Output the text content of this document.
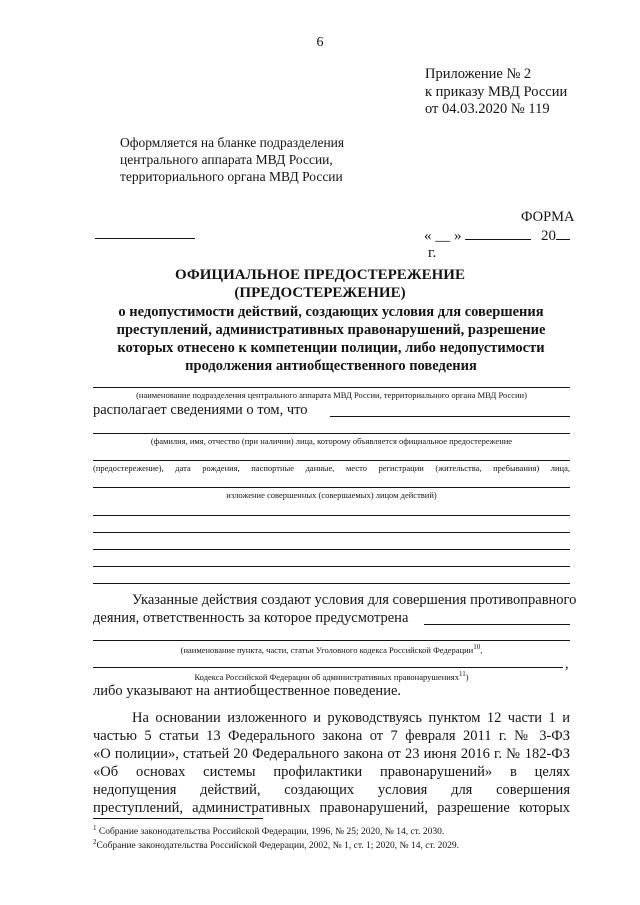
6
Приложение № 2
к приказу МВД России
от 04.03.2020 № 119
Оформляется на бланке подразделения
центрального аппарата МВД России,
территориального органа МВД России
ФОРМА
« __ »	20 г.
ОФИЦИАЛЬНОЕ ПРЕДОСТЕРЕЖЕНИЕ
(ПРЕДОСТЕРЕЖЕНИЕ)
о недопустимости действий, создающих условия для совершения
преступлений, административных правонарушений, разрешение
которых отнесено к компетенции полиции, либо недопустимости
продолжения антиобщественного поведения
(наименование подразделения центрального аппарата МВД России, территориального органа МВД России)
располагает сведениями о том, что
(фамилия, имя, отчество (при наличии) лица, которому объявляется официальное предостережение
(предостережение), дата рождения, паспортные данные, место регистрации (жительства, пребывания) лица,
изложение совершенных (совершаемых) лицом действий)
Указанные действия создают условия для совершения противоправного
деяния, ответственность за которое предусмотрена
(наименование пункта, части, статьи Уголовного кодекса Российской Федерации$^{10}$,
,
Кодекса Российской Федерации об административных правонарушениях$^{11}$)
либо указывают на антиобщественное поведение.
На основании изложенного и руководствуясь пунктом 12 части 1 и
частью 5 статьи 13 Федерального закона от 7 февраля 2011 г. № 3-ФЗ
«О полиции», статьей 20 Федерального закона от 23 июня 2016 г. № 182-ФЗ
«Об основах системы профилактики правонарушений» в целях
недопущения действий, создающих условия для совершения
преступлений, административных правонарушений, разрешение которых
$^1$ Собрание законодательства Российской Федерации, 1996, № 25; 2020, № 14, ст. 2030.
$^2$Собрание законодательства Российской Федерации, 2002, № 1, ст. 1; 2020, № 14, ст. 2029.
